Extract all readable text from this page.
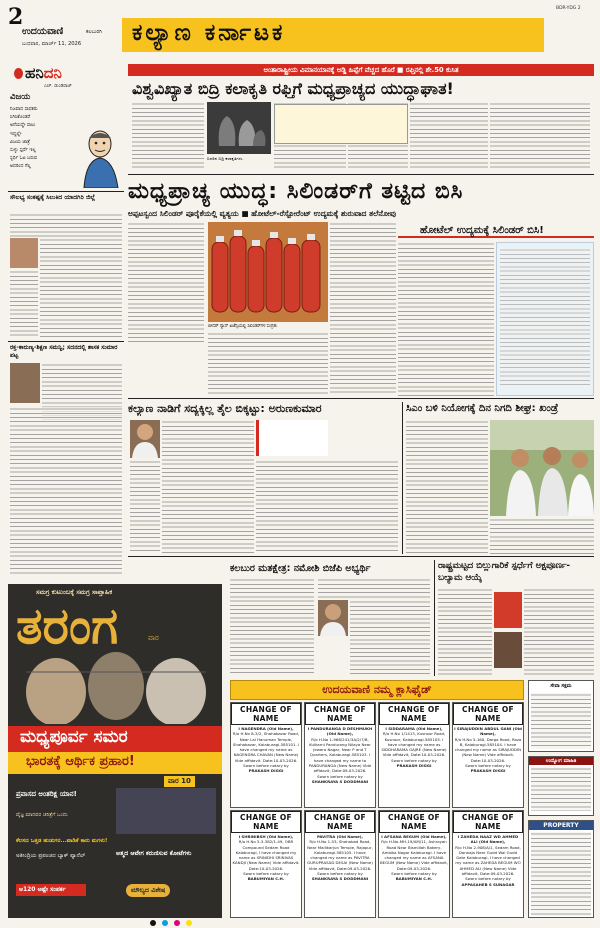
2
ಉದಯವಾಣಿ	ಕಲಬುರಗಿ
ಬುಧವಾರ, ಮಾರ್ಚ್ 11, 2026 ಕಲ್ಯಾಣ ಕರ್ನಾಟಕ
BDR-YDG 2
ಹನಿದನಿ
ಎಚ್. ಡುಂಡಿರಾಜ್
ವಿಜಯ
ನಿಜವಾದ ಸಾಧಕರು
ಸಿಗಿಸಿಕೊಂಡರೆ
ಅನೆಯದ್ದೇ ಸಾಲು
ಇದ್ದಲ್ಲೇ
ವಿಜಯ ಜಾತ್ರೆ
ಸುಳ್ಳು ಸ್ಪರ್ಧೆ ಇಲ್ಲ
ಸ್ಟರ್ಧಿ ಓಟ ಬರುವ
ಅದರಿಂದ ಗೆಲ್ಲ
ಸೌಲಭ್ಯ ಸಂಕಷ್ಟಕ್ಕೆ ಸಿಲುಕಿದ ಯಾದಗಿರಿ ಜಿಲ್ಲೆ
ರಕ್ತ-ಕಾರುಣ್ಯ-ಶಿಕ್ಷಣ ಸಮನ್ವಿ; ಸದನದಲ್ಲಿ ಶಾಸಕ ಸುಮಾರ ಪಟ್ಟ
ಅಂತಾರಾಷ್ಟ್ರೀಯ ವಿಮಾನಯಾನಕ್ಕೆ ಅಡ್ಡಿ ಹಿಪ್ಪೆಗೆ ವೆಚ್ಚದ ಹೊರೆ ■ ರಫ್ತಿನಲ್ಲಿ ಶೇ.50 ಕುಸಿತ
ವಿಶ್ವವಿಖ್ಯಾತ ಬಿದ್ರಿ ಕಲಾಕೃತಿ ರಫ್ತಿಗೆ ಮಧ್ಯಪ್ರಾಚ್ಯದ ಯುದ್ಧಾಘಾತ!
ಬಿದರಿನ ಬಿದ್ರಿ ಕಲಾಕೃತಿಗಳು.
ಮಧ್ಯಪ್ರಾಚ್ಯ ಯುದ್ಧ: ಸಿಲಿಂಡರ್‌ಗೆ ತಟ್ಟಿದ ಬಿಸಿ
ಅಪ್ಪಟಸ್ವಂದ ಸಿಲಿಂಡರ್ ಪೂರೈಕೆಯಲ್ಲಿ ವ್ಯತ್ಯಯ ■ ಹೋಟೆಲ್-ರೆಸ್ಟೋರೆಂಟ್ ಉದ್ಯಮಕ್ಕೆ ಶುರುವಾದ ತಲೆನೋವು
ಬೀದರ್ ನ್ಯಾಸ್ ಏಜೆನ್ಸಿಯಲ್ಲಿ ಸಿಲಿಂಡರ್‌ಗಳ ಸಂಗ್ರಹ.
ಹೋಟೆಲ್ ಉದ್ಯಮಕ್ಕೆ ಸಿಲಿಂಡರ್ ಬಿಸಿ!
ಕಲ್ಯಾಣ ನಾಡಿಗೆ ಸದ್ಯಕ್ಕಿಲ್ಲ ತೈಲ ಬಿಕ್ಕಟ್ಟು: ಅರುಣಕುಮಾರ	ಸಿಎಂ ಬಳಿ ನಿಯೋಗಕ್ಕೆ ದಿನ ನಿಗದಿ ಶೀಘ್ರ: ಖಂಡ್ರೆ
ಸಮಗ್ರ ಕುಟುಂಬಕ್ಕೆ ಸಮಗ್ರ ಸಾಪ್ತಾಹಿಕ
ತರಂಗ	ವಾರ
ಮಧ್ಯಪೂರ್ವ ಸಮರ
ಭಾರತಕ್ಕೆ ಆರ್ಥಿಕ ಪ್ರಹಾರ!
ವಾರ 10
ಪ್ರವಾಸದ ಅಂತರಿಕ್ಷ ಯಾನ!
ವೈಜ್ಞ ಮಾನವರ ಚರಿತ್ರೆಗೆ ಒಂದು
ಕೆಲಸದ ಒತ್ತಡ ಹುಡುಗರ...ವಾಡಿಕೆ ಕಾರು ಮಗಳು!
ಆತ್ಮದ ಆವೇಗ ಕರುಣಿಸುವ ಕೋಟೆಗಳು
ಅತೀಂದ್ರಿಯ ಪ್ರಪಂಚದ ಬ್ಯಾಕ್ ಪ್ಯಾನೆಲ್
ಆ120 ಅಷ್ಟೇ ಸಂಪರ್ಕ	ಮೌಲ್ಯದ ವಿಶೇಷ
ಕಲಬುರ ಮತಕ್ಷೇತ್ರ: ನಮೋಶಿ ಬಿಜೆಪಿ ಅಭ್ಯರ್ಥಿ	ರಾಷ್ಟ್ರಮಟ್ಟದ ಬಿಲ್ಲುಗಾರಿಕೆ ಸ್ಪರ್ಧೆಗೆ ಅಕ್ಷಪೂರ್ಣ-ಬಲ್ಯಾಮ ಆಯ್ಕೆ
ಉದಯವಾಣಿ ನಮ್ಮ ಕ್ಲಾಸಿಫೈಡ್
CHANGE OF NAME
I NAGENDRA (Old Name),
R/o H.No 8-3/2, Shahabazar Road, Near Lal Hanuman Temple, Shahabazar, Kalaburagi-585101. I have changed my name as NAGENDRA CHAVAN (New Name) Vide affidavit. Date:10-03-2026.
Sworn before notary by
PRAKASH DIGGI
CHANGE OF NAME
I PANDURANGA D DESHMUKH (Old Name),
R/o H.No 1-968/241/3A/2/7/B, Kulkarni Pandurang Nilaya Near Jewera Nagar, Near P and T Quarters, Kalaburagi-585103. I have changed my name to PANDURANGA (New Name) Vide affidavit, Date:09-03-2026.
Sworn before notary by
SHANKRAYA S DODDMANI
CHANGE OF NAME
I SIDDARAMA (Old Name),
R/o H.No 1/1413, Kusnoor Road, Kusnoor, Kalaburagi-585103. I have changed my name as SIDDHARAMA GAJRE (New Name) Vide affidavit, Date:10-03-2026.
Sworn before notary by
PRAKASH DIGGI
CHANGE OF NAME
I SIRAJUDDIN ABDUL GANI (Old Name),
R/o H.No 5-160, Darga Road, Roza B, Kalaburagi-585104. I have changed my name as SIRAJUDDIN (New Name) Vide affidavit. Date:10-03-2026.
Sworn before notary by
PRAKASH DIGGI
CHANGE OF NAME
I SHRINIBSH (Old Name),
R/o H.No 5-3-382/1-49, OBR Compound Sedam Road Kalaburagi, I have changed my name as SRINIDHI SRINIVAS KANDJI (New Name) Vide affidavit. Date:10-03-2026.
Sworn before notary by
BABUMIYAN C.H.
CHANGE OF NAME
PAVITRA (Old Name),
R/o H.No 1-53, Shahabad Road, Near Mallikarjun Temple, Rajapur, Kalaburagi-585105. I have changed my name as PAVITRA GURUPRASAD DESAI (New Name) Vide affidavit, Date:09-03-2026.
Sworn before notary by
SHANKRAYA S DODDMANI
CHANGE OF NAME
I AFSANA BEGUM (Old Name),
R/o H.No-MH-19/AM/11, Ashrayan Road Near Bismillah Bakery, Ambika Nagar Kalaburagi. I have changed my name as AFSANA BEGUM (New Name) Vide affidavit, Date:09-03-2026.
Sworn before notary by
BABUMIYAN C.H.
CHANGE OF NAME
I ZAHEDA NAAZ WD AHMED ALI (Old Name),
R/o H.No 2-908/A/1, Sedam Road, Darwaja Near Gudd Wal Gudd Gate Kalaburagi, I have changed my name as ZAHEDA BEGUM WO AHMED ALI (New Name) Vide affidavit, Date:09-03-2026.
Sworn before notary by
APPASAHEB S SUNAGAR
ಸೇವಾ ಸಕ್ಷಮ
ಉದ್ಯೋಗ ಮಾಹಿತಿ
PROPERTY
